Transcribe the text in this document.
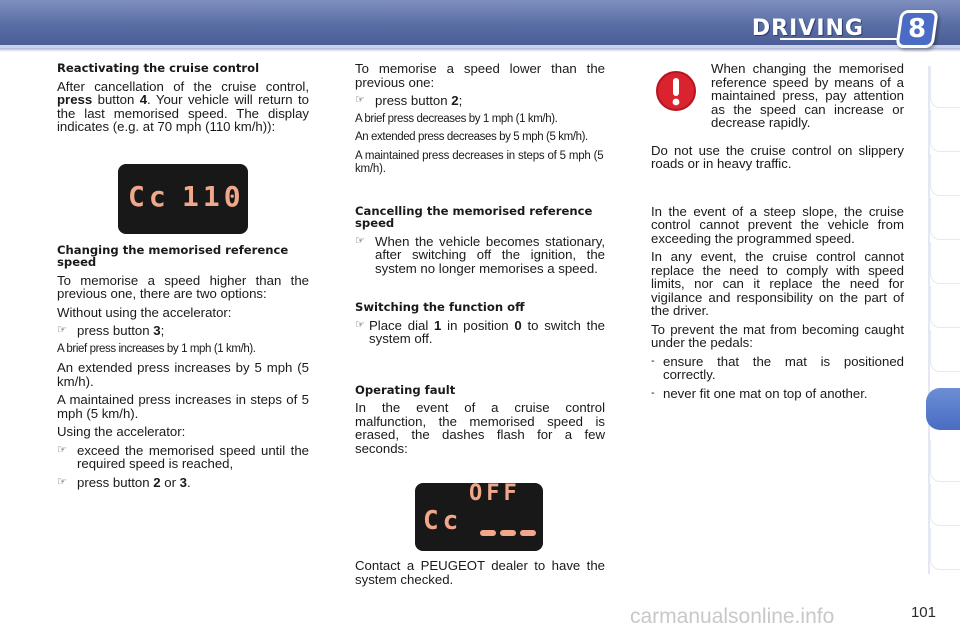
DRIVING 8
Reactivating the cruise control

After cancellation of the cruise control, press button 4. Your vehicle will return to the last memorised speed. The display indicates (e.g. at 70 mph (110 km/h)):

Cc 110
Changing the memorised reference speed

To memorise a speed higher than the previous one, there are two options:

Without using the accelerator:

☞ press button 3;

A brief press increases by 1 mph (1 km/h).

An extended press increases by 5 mph (5 km/h).

A maintained press increases in steps of 5 mph (5 km/h).

Using the accelerator:

☞ exceed the memorised speed until the required speed is reached,
☞ press button 2 or 3.

To memorise a speed lower than the previous one:

☞ press button 2;

A brief press decreases by 1 mph (1 km/h).

An extended press decreases by 5 mph (5 km/h).

A maintained press decreases in steps of 5 mph (5 km/h).

Cancelling the memorised reference speed
☞ When the vehicle becomes stationary, after switching off the ignition, the system no longer memorises a speed.
Switching the function off
☞ Place dial 1 in position 0 to switch the system off.
Operating fault

In the event of a cruise control malfunction, the memorised speed is erased, the dashes flash for a few seconds:

OFF
Cc

Contact a PEUGEOT dealer to have the system checked.

When changing the memorised reference speed by means of a maintained press, pay attention as the speed can increase or decrease rapidly.

Do not use the cruise control on slippery roads or in heavy traffic.

In the event of a steep slope, the cruise control cannot prevent the vehicle from exceeding the programmed speed.

In any event, the cruise control cannot replace the need to comply with speed limits, nor can it replace the need for vigilance and responsibility on the part of the driver.

To prevent the mat from becoming caught under the pedals:

- ensure that the mat is positioned correctly.
- never fit one mat on top of another.
carmanualsonline.info	101
